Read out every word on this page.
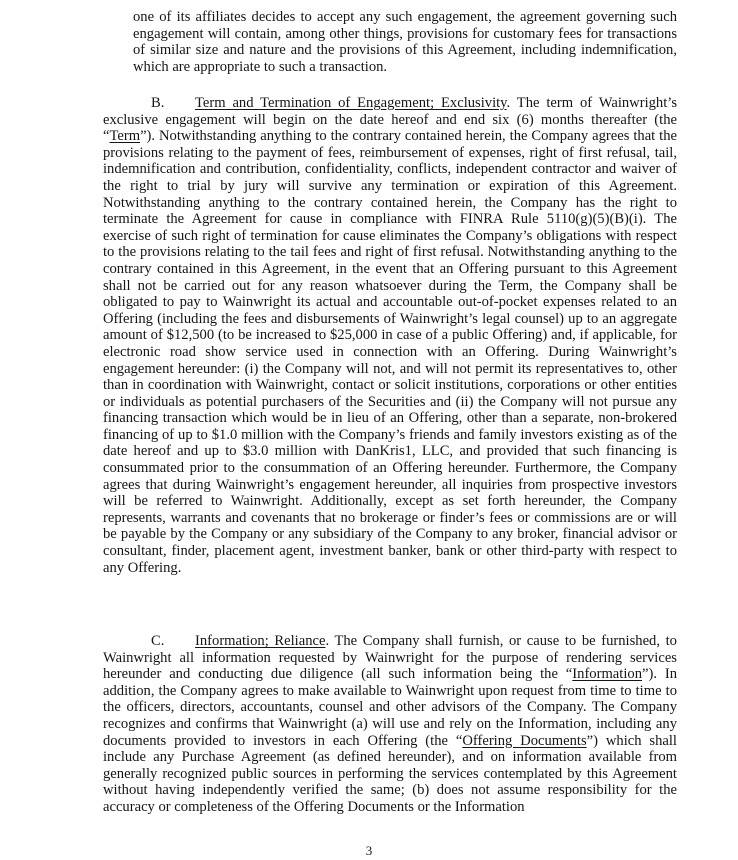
one of its affiliates decides to accept any such engagement, the agreement governing such engagement will contain, among other things, provisions for customary fees for transactions of similar size and nature and the provisions of this Agreement, including indemnification, which are appropriate to such a transaction.

B. Term and Termination of Engagement; Exclusivity. The term of Wainwright’s exclusive engagement will begin on the date hereof and end six (6) months thereafter (the “Term”). Notwithstanding anything to the contrary contained herein, the Company agrees that the provisions relating to the payment of fees, reimbursement of expenses, right of first refusal, tail, indemnification and contribution, confidentiality, conflicts, independent contractor and waiver of the right to trial by jury will survive any termination or expiration of this Agreement. Notwithstanding anything to the contrary contained herein, the Company has the right to terminate the Agreement for cause in compliance with FINRA Rule 5110(g)(5)(B)(i). The exercise of such right of termination for cause eliminates the Company’s obligations with respect to the provisions relating to the tail fees and right of first refusal. Notwithstanding anything to the contrary contained in this Agreement, in the event that an Offering pursuant to this Agreement shall not be carried out for any reason whatsoever during the Term, the Company shall be obligated to pay to Wainwright its actual and accountable out-of-pocket expenses related to an Offering (including the fees and disbursements of Wainwright’s legal counsel) up to an aggregate amount of $12,500 (to be increased to $25,000 in case of a public Offering) and, if applicable, for electronic road show service used in connection with an Offering. During Wainwright’s engagement hereunder: (i) the Company will not, and will not permit its representatives to, other than in coordination with Wainwright, contact or solicit institutions, corporations or other entities or individuals as potential purchasers of the Securities and (ii) the Company will not pursue any financing transaction which would be in lieu of an Offering, other than a separate, non-brokered financing of up to $1.0 million with the Company’s friends and family investors existing as of the date hereof and up to $3.0 million with DanKris1, LLC, and provided that such financing is consummated prior to the consummation of an Offering hereunder. Furthermore, the Company agrees that during Wainwright’s engagement hereunder, all inquiries from prospective investors will be referred to Wainwright. Additionally, except as set forth hereunder, the Company represents, warrants and covenants that no brokerage or finder’s fees or commissions are or will be payable by the Company or any subsidiary of the Company to any broker, financial advisor or consultant, finder, placement agent, investment banker, bank or other third-party with respect to any Offering.

C. Information; Reliance. The Company shall furnish, or cause to be furnished, to Wainwright all information requested by Wainwright for the purpose of rendering services hereunder and conducting due diligence (all such information being the “Information”). In addition, the Company agrees to make available to Wainwright upon request from time to time to the officers, directors, accountants, counsel and other advisors of the Company. The Company recognizes and confirms that Wainwright (a) will use and rely on the Information, including any documents provided to investors in each Offering (the “Offering Documents”) which shall include any Purchase Agreement (as defined hereunder), and on information available from generally recognized public sources in performing the services contemplated by this Agreement without having independently verified the same; (b) does not assume responsibility for the accuracy or completeness of the Offering Documents or the Information

3
